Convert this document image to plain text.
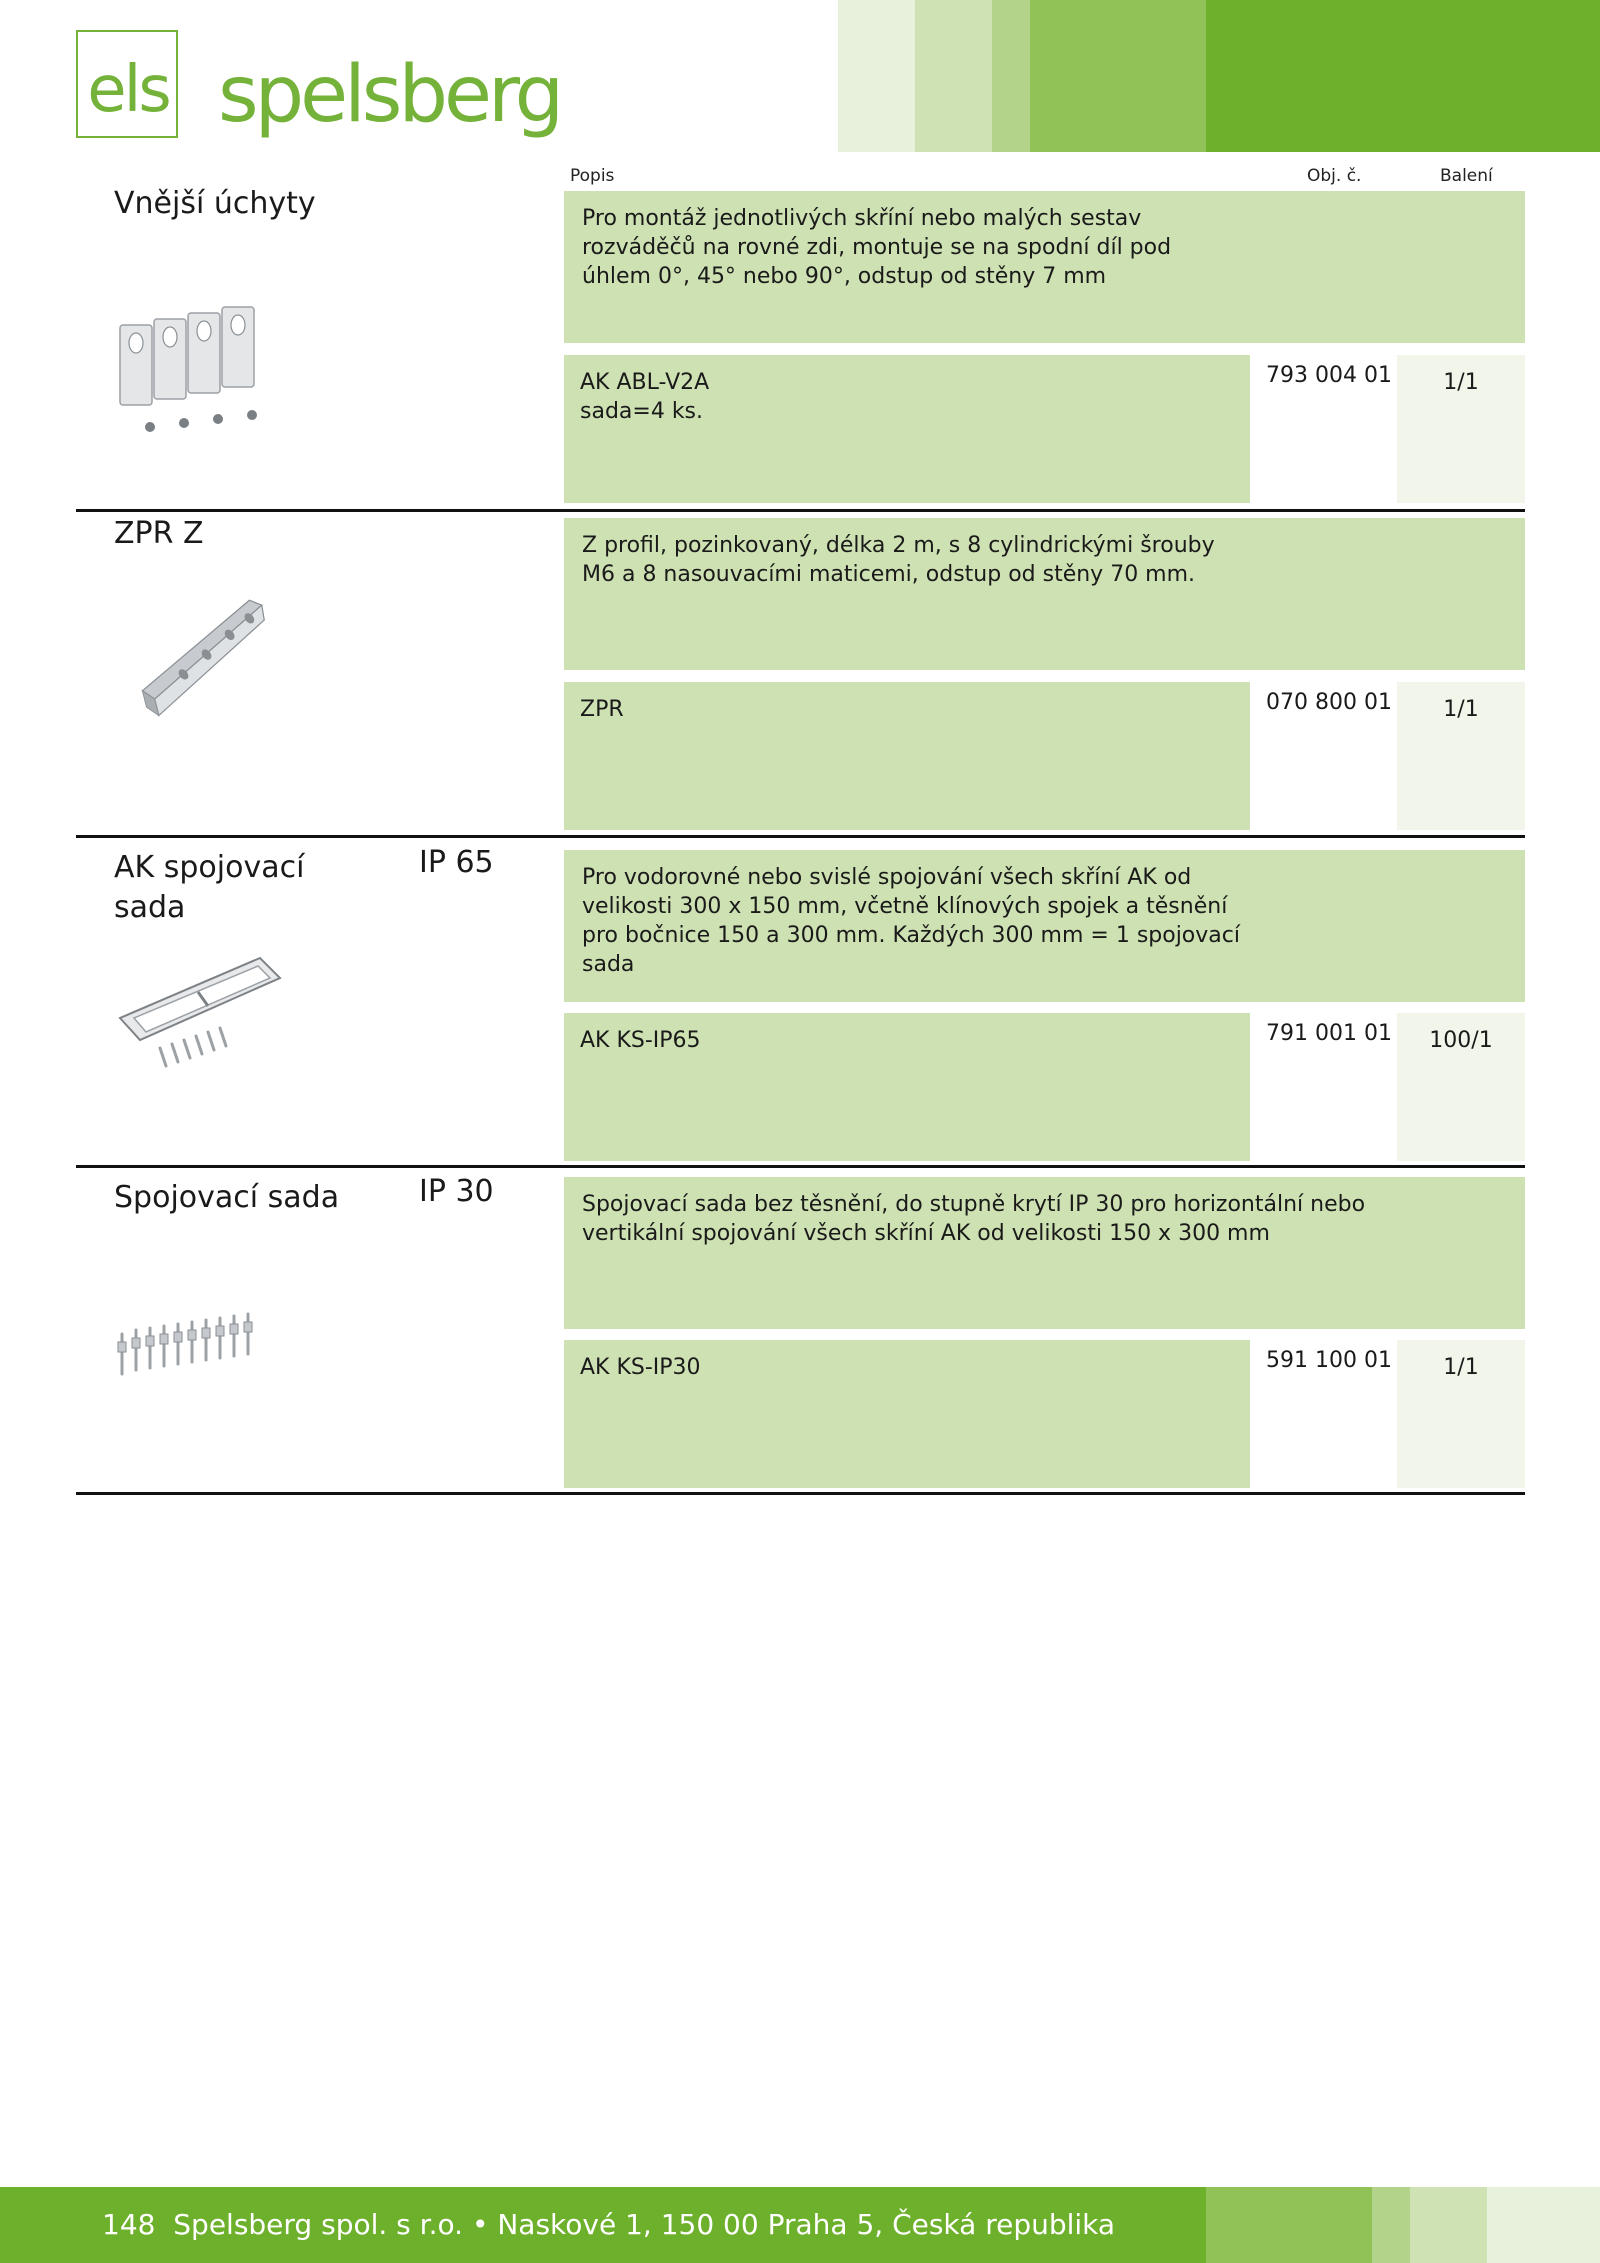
els spelsberg
Popis	Obj. č.	Balení
Vnější úchyty	Pro montáž jednotlivých skříní nebo malých sestav rozváděčů na rovné zdi, montuje se na spodní díl pod úhlem 0°, 45° nebo 90°, odstup od stěny 7 mm
AK ABL-V2A
sada=4 ks.
793 004 01	1/1
ZPR Z	Z profil, pozinkovaný, délka 2 m, s 8 cylindrickými šrouby M6 a 8 nasouvacími maticemi, odstup od stěny 70 mm.
ZPR	070 800 01	1/1
AK spojovací sada
IP 65	Pro vodorovné nebo svislé spojování všech skříní AK od velikosti 300 x 150 mm, včetně klínových spojek a těsnění pro bočnice 150 a 300 mm. Každých 300 mm = 1 spojovací sada
AK KS-IP65	791 001 01	100/1
Spojovací sada	IP 30	Spojovací sada bez těsnění, do stupně krytí IP 30 pro horizontální nebo vertikální spojování všech skříní AK od velikosti 150 x 300 mm
AK KS-IP30	591 100 01	1/1
148 Spelsberg spol. s r.o. • Naskové 1, 150 00 Praha 5, Česká republika
